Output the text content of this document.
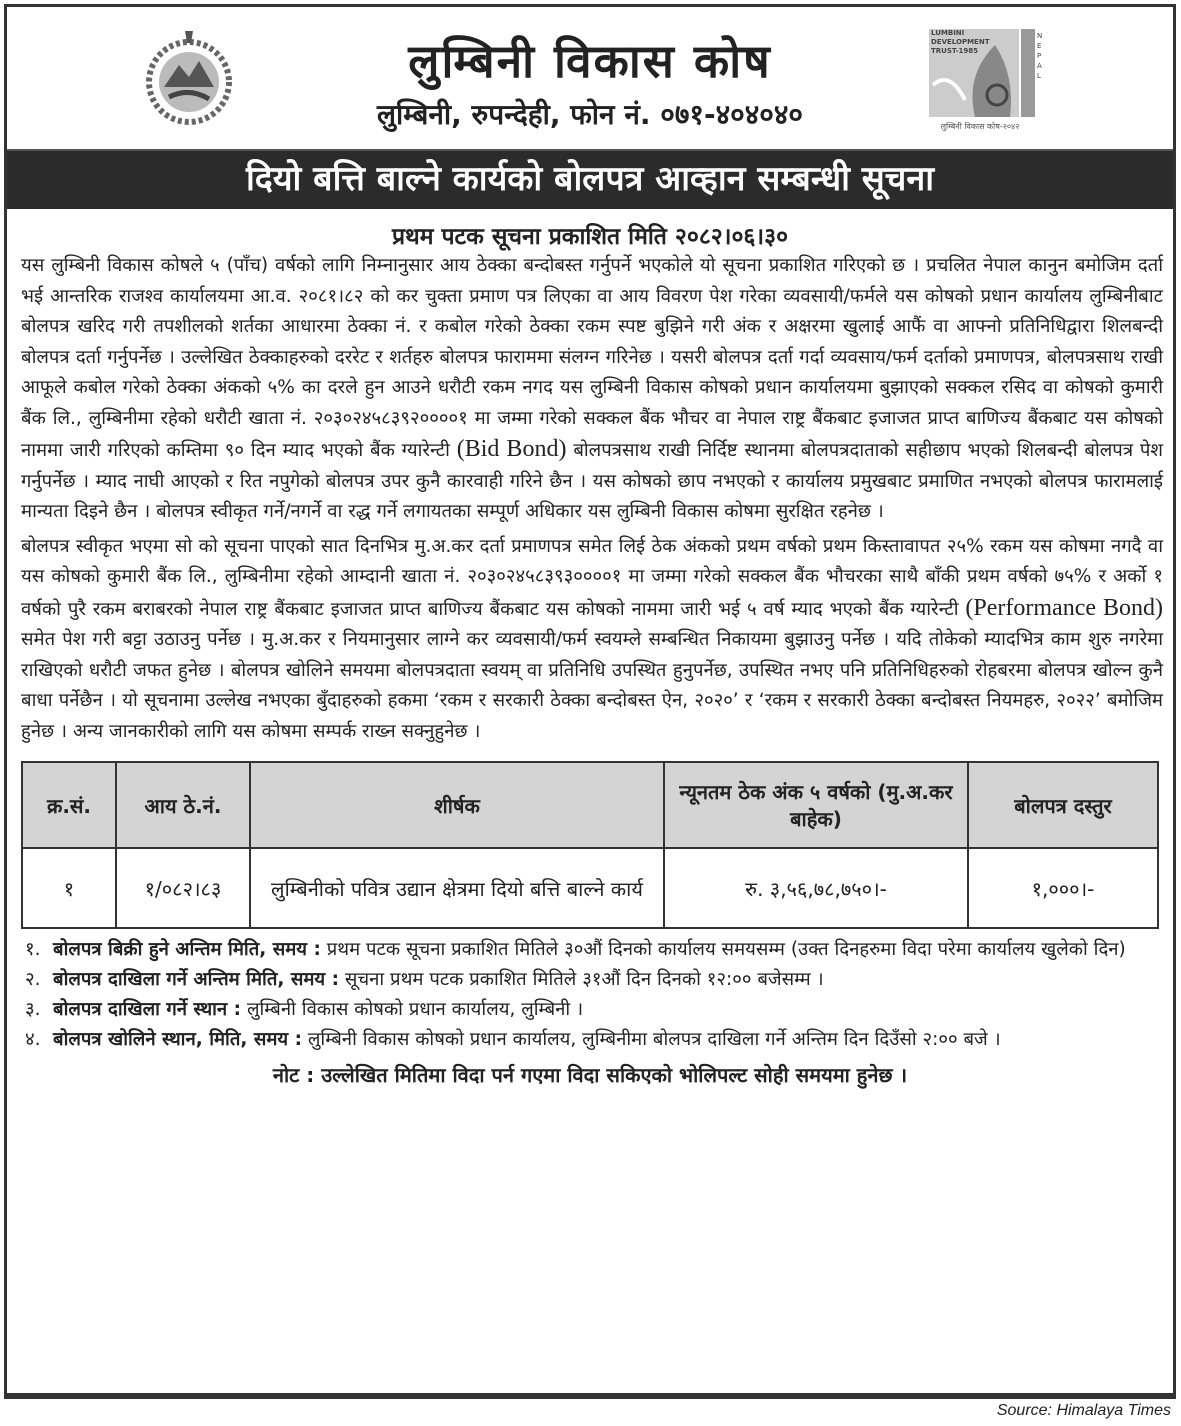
लुम्बिनी विकास कोष
लुम्बिनी, रुपन्देही, फोन नं. ०७१-४०४०४०
LUMBINI DEVELOPMENT TRUST-1985
NEPAL
लुम्बिनी विकास कोष-२०४२
दियो बत्ति बाल्ने कार्यको बोलपत्र आव्हान सम्बन्धी सूचना
प्रथम पटक सूचना प्रकाशित मिति २०८२।०६।३०

यस लुम्बिनी विकास कोषले ५ (पाँच) वर्षको लागि निम्नानुसार आय ठेक्का बन्दोबस्त गर्नुपर्ने भएकोले यो सूचना प्रकाशित गरिएको छ । प्रचलित नेपाल कानुन बमोजिम दर्ता भई आन्तरिक राजश्व कार्यालयमा आ.व. २०८१।८२ को कर चुक्ता प्रमाण पत्र लिएका वा आय विवरण पेश गरेका व्यवसायी/फर्मले यस कोषको प्रधान कार्यालय लुम्बिनीबाट बोलपत्र खरिद गरी तपशीलको शर्तका आधारमा ठेक्का नं. र कबोल गरेको ठेक्का रकम स्पष्ट बुझिने गरी अंक र अक्षरमा खुलाई आफैं वा आफ्नो प्रतिनिधिद्वारा शिलबन्दी बोलपत्र दर्ता गर्नुपर्नेछ । उल्लेखित ठेक्काहरुको दररेट र शर्तहरु बोलपत्र फाराममा संलग्न गरिनेछ । यसरी बोलपत्र दर्ता गर्दा व्यवसाय/फर्म दर्ताको प्रमाणपत्र, बोलपत्रसाथ राखी आफूले कबोल गरेको ठेक्का अंकको ५% का दरले हुन आउने धरौटी रकम नगद यस लुम्बिनी विकास कोषको प्रधान कार्यालयमा बुझाएको सक्कल रसिद वा कोषको कुमारी बैंक लि., लुम्बिनीमा रहेको धरौटी खाता नं. २०३०२४५८३९२००००१ मा जम्मा गरेको सक्कल बैंक भौचर वा नेपाल राष्ट्र बैंकबाट इजाजत प्राप्त बाणिज्य बैंकबाट यस कोषको नाममा जारी गरिएको कम्तिमा ९० दिन म्याद भएको बैंक ग्यारेन्टी (Bid Bond) बोलपत्रसाथ राखी निर्दिष्ट स्थानमा बोलपत्रदाताको सहीछाप भएको शिलबन्दी बोलपत्र पेश गर्नुपर्नेछ । म्याद नाघी आएको र रित नपुगेको बोलपत्र उपर कुनै कारवाही गरिने छैन । यस कोषको छाप नभएको र कार्यालय प्रमुखबाट प्रमाणित नभएको बोलपत्र फारामलाई मान्यता दिइने छैन । बोलपत्र स्वीकृत गर्ने/नगर्ने वा रद्ध गर्ने लगायतका सम्पूर्ण अधिकार यस लुम्बिनी विकास कोषमा सुरक्षित रहनेछ ।

बोलपत्र स्वीकृत भएमा सो को सूचना पाएको सात दिनभित्र मु.अ.कर दर्ता प्रमाणपत्र समेत लिई ठेक अंकको प्रथम वर्षको प्रथम किस्तावापत २५% रकम यस कोषमा नगदै वा यस कोषको कुमारी बैंक लि., लुम्बिनीमा रहेको आम्दानी खाता नं. २०३०२४५८३९३००००१ मा जम्मा गरेको सक्कल बैंक भौचरका साथै बाँकी प्रथम वर्षको ७५% र अर्को १ वर्षको पुरै रकम बराबरको नेपाल राष्ट्र बैंकबाट इजाजत प्राप्त बाणिज्य बैंकबाट यस कोषको नाममा जारी भई ५ वर्ष म्याद भएको बैंक ग्यारेन्टी (Performance Bond) समेत पेश गरी बट्टा उठाउनु पर्नेछ । मु.अ.कर र नियमानुसार लाग्ने कर व्यवसायी/फर्म स्वयम्ले सम्बन्धित निकायमा बुझाउनु पर्नेछ । यदि तोकेको म्यादभित्र काम शुरु नगरेमा राखिएको धरौटी जफत हुनेछ । बोलपत्र खोलिने समयमा बोलपत्रदाता स्वयम् वा प्रतिनिधि उपस्थित हुनुपर्नेछ, उपस्थित नभए पनि प्रतिनिधिहरुको रोहबरमा बोलपत्र खोल्न कुनै बाधा पर्नेछैन । यो सूचनामा उल्लेख नभएका बुँदाहरुको हकमा ‘रकम र सरकारी ठेक्का बन्दोबस्त ऐन, २०२०’ र ‘रकम र सरकारी ठेक्का बन्दोबस्त नियमहरु, २०२२’ बमोजिम हुनेछ । अन्य जानकारीको लागि यस कोषमा सम्पर्क राख्न सक्नुहुनेछ ।

क्र.सं.	आय ठे.नं.	शीर्षक	न्यूनतम ठेक अंक ५ वर्षको (मु.अ.कर बाहेक)	बोलपत्र दस्तुर
१	१/०८२।८३	लुम्बिनीको पवित्र उद्यान क्षेत्रमा दियो बत्ति बाल्ने कार्य	रु. ३,५६,७८,७५०।-	१,०००।-
१. बोलपत्र बिक्री हुने अन्तिम मिति, समय : प्रथम पटक सूचना प्रकाशित मितिले ३०औं दिनको कार्यालय समयसम्म (उक्त दिनहरुमा विदा परेमा कार्यालय खुलेको दिन)
२. बोलपत्र दाखिला गर्ने अन्तिम मिति, समय : सूचना प्रथम पटक प्रकाशित मितिले ३१औं दिन दिनको १२:०० बजेसम्म ।
३. बोलपत्र दाखिला गर्ने स्थान : लुम्बिनी विकास कोषको प्रधान कार्यालय, लुम्बिनी ।
४. बोलपत्र खोलिने स्थान, मिति, समय : लुम्बिनी विकास कोषको प्रधान कार्यालय, लुम्बिनीमा बोलपत्र दाखिला गर्ने अन्तिम दिन दिउँसो २:०० बजे ।
नोट : उल्लेखित मितिमा विदा पर्न गएमा विदा सकिएको भोलिपल्ट सोही समयमा हुनेछ ।
Source: Himalaya Times
